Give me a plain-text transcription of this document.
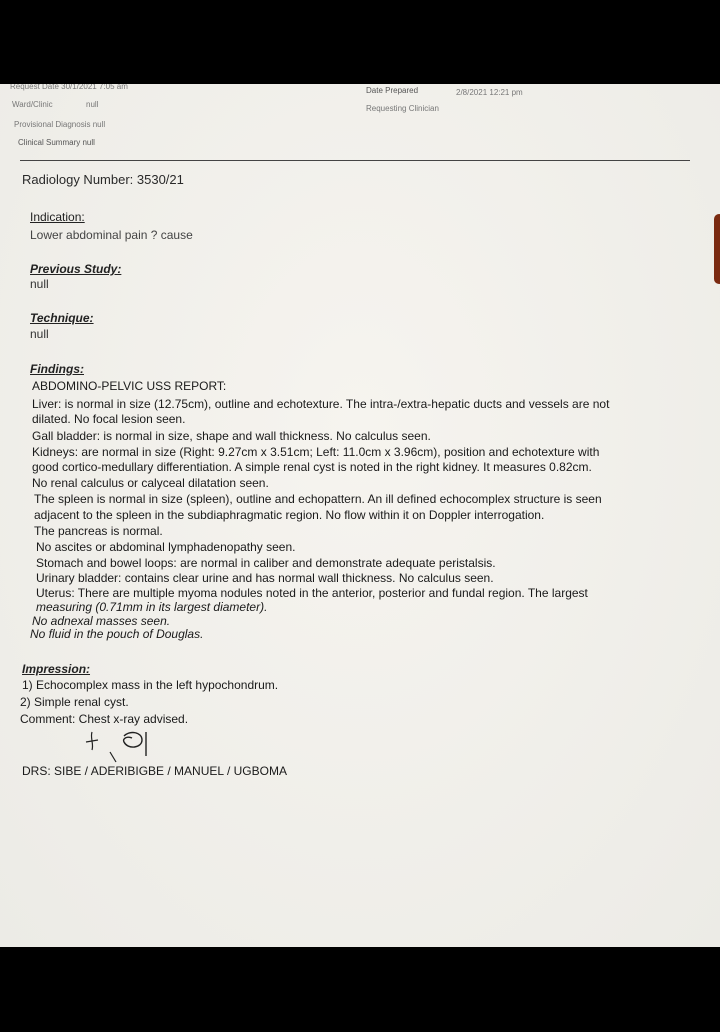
Request Date 30/1/2021 7:05 am
Ward/Clinic	null
Provisional Diagnosis null
Clinical Summary null
Date Prepared	2/8/2021 12:21 pm
Requesting Clinician
Radiology Number: 3530/21
Indication:
Lower abdominal pain ? cause
Previous Study:
null
Technique:
null
Findings:
ABDOMINO-PELVIC USS REPORT:
Liver: is normal in size (12.75cm), outline and echotexture. The intra-/extra-hepatic ducts and vessels are not
dilated. No focal lesion seen.
Gall bladder: is normal in size, shape and wall thickness. No calculus seen.
Kidneys: are normal in size (Right: 9.27cm x 3.51cm; Left: 11.0cm x 3.96cm), position and echotexture with
good cortico-medullary differentiation. A simple renal cyst is noted in the right kidney. It measures 0.82cm.
No renal calculus or calyceal dilatation seen.
The spleen is normal in size (spleen), outline and echopattern. An ill defined echocomplex structure is seen
adjacent to the spleen in the subdiaphragmatic region. No flow within it on Doppler interrogation.
The pancreas is normal.
No ascites or abdominal lymphadenopathy seen.
Stomach and bowel loops: are normal in caliber and demonstrate adequate peristalsis.
Urinary bladder: contains clear urine and has normal wall thickness. No calculus seen.
Uterus: There are multiple myoma nodules noted in the anterior, posterior and fundal region. The largest
measuring (0.71mm in its largest diameter).
No adnexal masses seen.
No fluid in the pouch of Douglas.
Impression:
1) Echocomplex mass in the left hypochondrum.
2) Simple renal cyst.
Comment: Chest x-ray advised.
DRS: SIBE / ADERIBIGBE / MANUEL / UGBOMA
